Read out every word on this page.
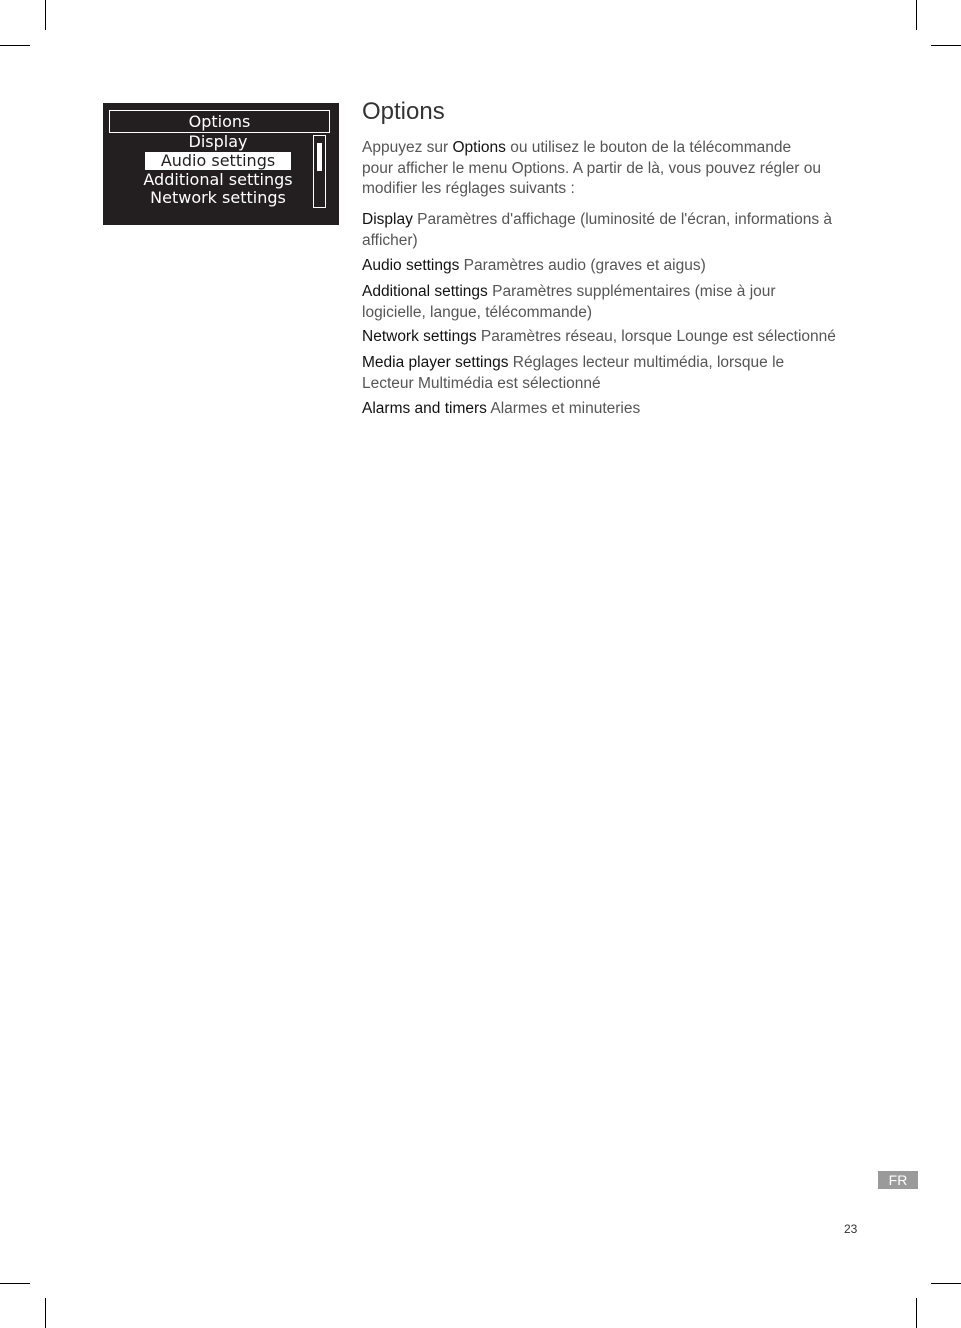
Options
Display
Audio settings
Additional settings
Network settings
Options
Appuyez sur Options ou utilisez le bouton de la télécommande
pour afficher le menu Options. A partir de là, vous pouvez régler ou
modifier les réglages suivants :
Display Paramètres d'affichage (luminosité de l'écran, informations à
afficher)
Audio settings Paramètres audio (graves et aigus)
Additional settings Paramètres supplémentaires (mise à jour
logicielle, langue, télécommande)
Network settings Paramètres réseau, lorsque Lounge est sélectionné
Media player settings Réglages lecteur multimédia, lorsque le
Lecteur Multimédia est sélectionné
Alarms and timers Alarmes et minuteries
FR
23
